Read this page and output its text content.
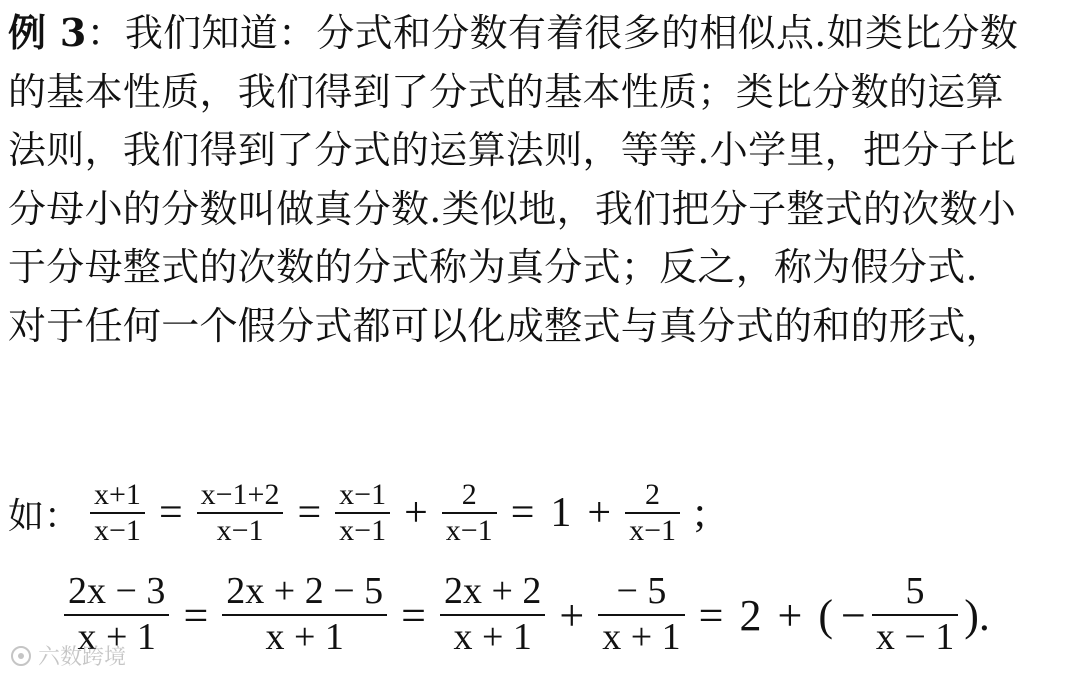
例 3：我们知道：分式和分数有着很多的相似点.如类比分数
的基本性质，我们得到了分式的基本性质；类比分数的运算
法则，我们得到了分式的运算法则，等等.小学里，把分子比
分母小的分数叫做真分数.类似地，我们把分子整式的次数小
于分母整式的次数的分式称为真分式；反之，称为假分式.
对于任何一个假分式都可以化成整式与真分式的和的形式，
如： $\frac{x+1}{x-1} = \frac{x-1+2}{x-1} = \frac{x-1}{x-1} + \frac{2}{x-1} = 1 + \frac{2}{x-1}$ ;
$\frac{2x - 3}{x + 1} = \frac{2x + 2 - 5}{x + 1} = \frac{2x + 2}{x + 1} + \frac{- 5}{x + 1} = 2$ + ( − $\frac{5}{x - 1}$ ).
六数跨境
